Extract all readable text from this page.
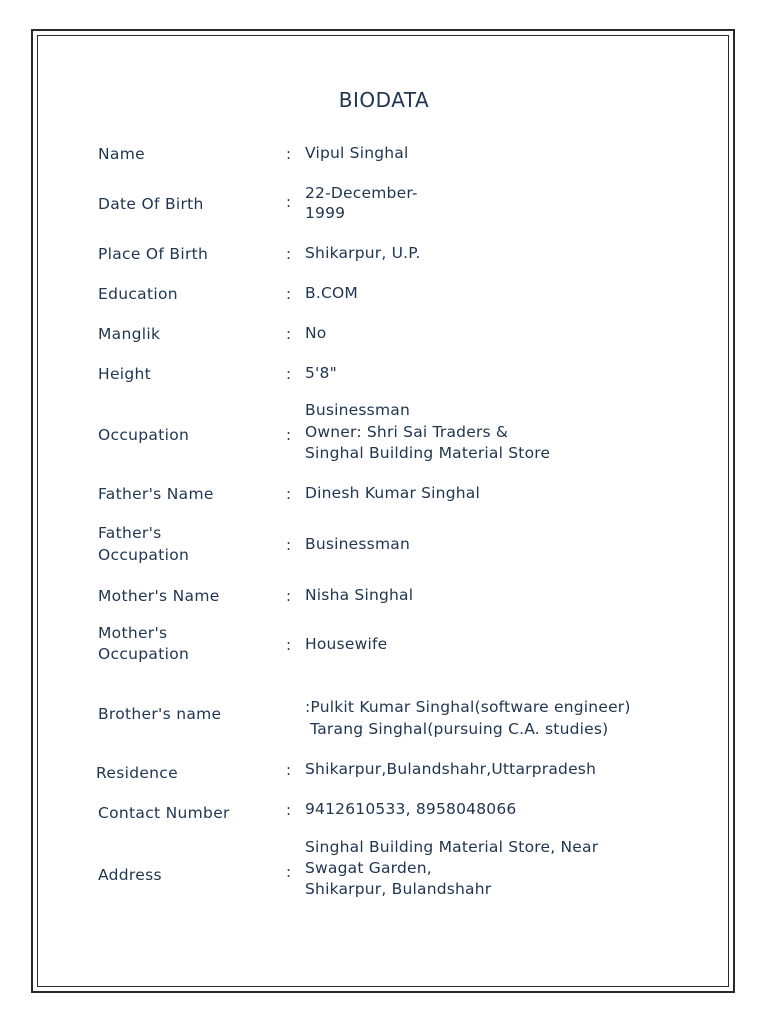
BIODATA
Name	: Vipul Singhal
Date Of Birth	: 22-December-
1999
Place Of Birth	: Shikarpur, U.P.
Education	: B.COM
Manglik	: No
Height	: 5'8"
Occupation	:
Businessman
Owner: Shri Sai Traders &
Singhal Building Material Store
Father's Name	: Dinesh Kumar Singhal
Father's
Occupation
: Businessman
Mother's Name	: Nisha Singhal
Mother's
Occupation	: Housewife
Brother's name	:Pulkit Kumar Singhal(software engineer)
Tarang Singhal(pursuing C.A. studies)
Residence	: Shikarpur,Bulandshahr,Uttarpradesh
Contact Number	: 9412610533, 8958048066
Address	:
Singhal Building Material Store, Near
Swagat Garden,
Shikarpur, Bulandshahr
